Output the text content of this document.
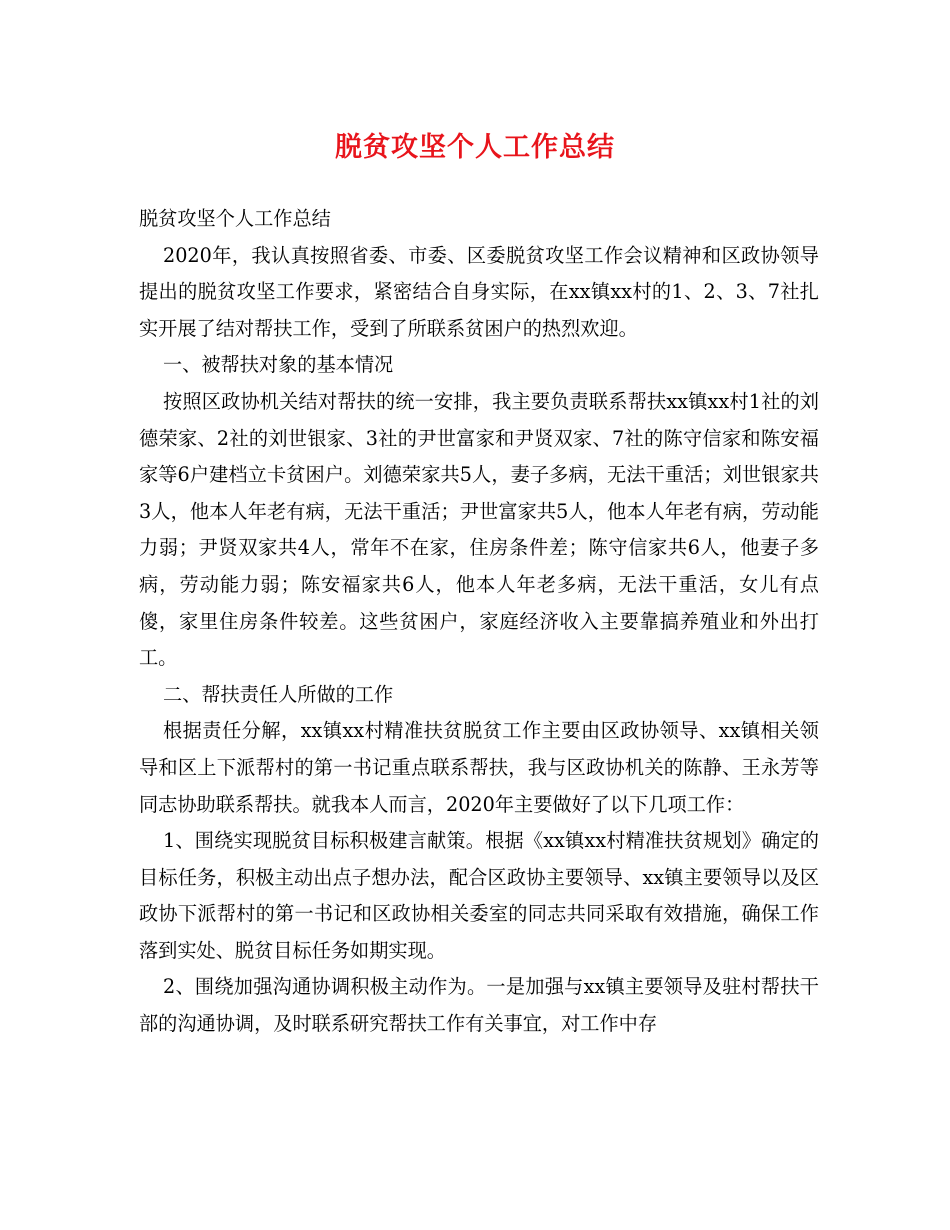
脱贫攻坚个人工作总结

脱贫攻坚个人工作总结

2020年，我认真按照省委、市委、区委脱贫攻坚工作会议精神和区政协领导提出的脱贫攻坚工作要求，紧密结合自身实际，在xx镇xx村的1、2、3、7社扎实开展了结对帮扶工作，受到了所联系贫困户的热烈欢迎。

一、被帮扶对象的基本情况

按照区政协机关结对帮扶的统一安排，我主要负责联系帮扶xx镇xx村1社的刘德荣家、2社的刘世银家、3社的尹世富家和尹贤双家、7社的陈守信家和陈安福家等6户建档立卡贫困户。刘德荣家共5人，妻子多病，无法干重活；刘世银家共3人，他本人年老有病，无法干重活；尹世富家共5人，他本人年老有病，劳动能力弱；尹贤双家共4人，常年不在家，住房条件差；陈守信家共6人，他妻子多病，劳动能力弱；陈安福家共6人，他本人年老多病，无法干重活，女儿有点傻，家里住房条件较差。这些贫困户，家庭经济收入主要靠搞养殖业和外出打工。

二、帮扶责任人所做的工作

根据责任分解，xx镇xx村精准扶贫脱贫工作主要由区政协领导、xx镇相关领导和区上下派帮村的第一书记重点联系帮扶，我与区政协机关的陈静、王永芳等同志协助联系帮扶。就我本人而言，2020年主要做好了以下几项工作：

1、围绕实现脱贫目标积极建言献策。根据《xx镇xx村精准扶贫规划》确定的目标任务，积极主动出点子想办法，配合区政协主要领导、xx镇主要领导以及区政协下派帮村的第一书记和区政协相关委室的同志共同采取有效措施，确保工作落到实处、脱贫目标任务如期实现。

2、围绕加强沟通协调积极主动作为。一是加强与xx镇主要领导及驻村帮扶干部的沟通协调，及时联系研究帮扶工作有关事宜，对工作中存
